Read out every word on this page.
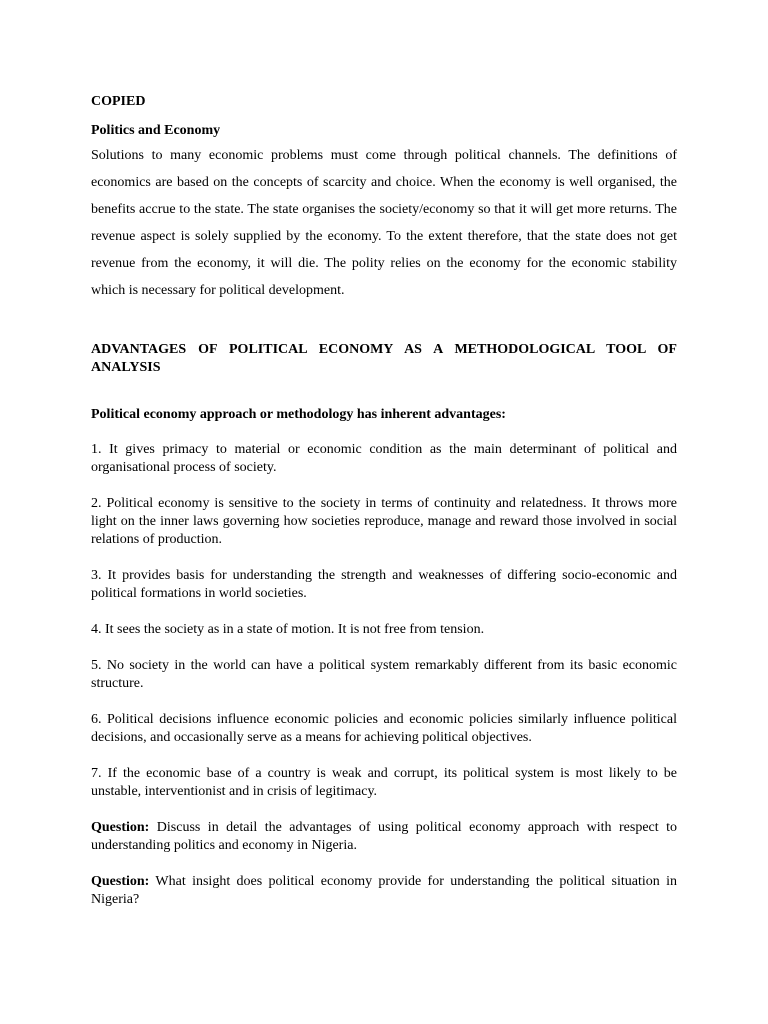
COPIED
Politics and Economy

Solutions to many economic problems must come through political channels. The definitions of economics are based on the concepts of scarcity and choice. When the economy is well organised, the benefits accrue to the state. The state organises the society/economy so that it will get more returns. The revenue aspect is solely supplied by the economy. To the extent therefore, that the state does not get revenue from the economy, it will die. The polity relies on the economy for the economic stability which is necessary for political development.

ADVANTAGES OF POLITICAL ECONOMY AS A METHODOLOGICAL TOOL OF ANALYSIS
Political economy approach or methodology has inherent advantages:

1. It gives primacy to material or economic condition as the main determinant of political and organisational process of society.

2. Political economy is sensitive to the society in terms of continuity and relatedness. It throws more light on the inner laws governing how societies reproduce, manage and reward those involved in social relations of production.

3. It provides basis for understanding the strength and weaknesses of differing socio-economic and political formations in world societies.

4. It sees the society as in a state of motion. It is not free from tension.

5. No society in the world can have a political system remarkably different from its basic economic structure.

6. Political decisions influence economic policies and economic policies similarly influence political decisions, and occasionally serve as a means for achieving political objectives.

7. If the economic base of a country is weak and corrupt, its political system is most likely to be unstable, interventionist and in crisis of legitimacy.

Question: Discuss in detail the advantages of using political economy approach with respect to understanding politics and economy in Nigeria.

Question: What insight does political economy provide for understanding the political situation in Nigeria?
